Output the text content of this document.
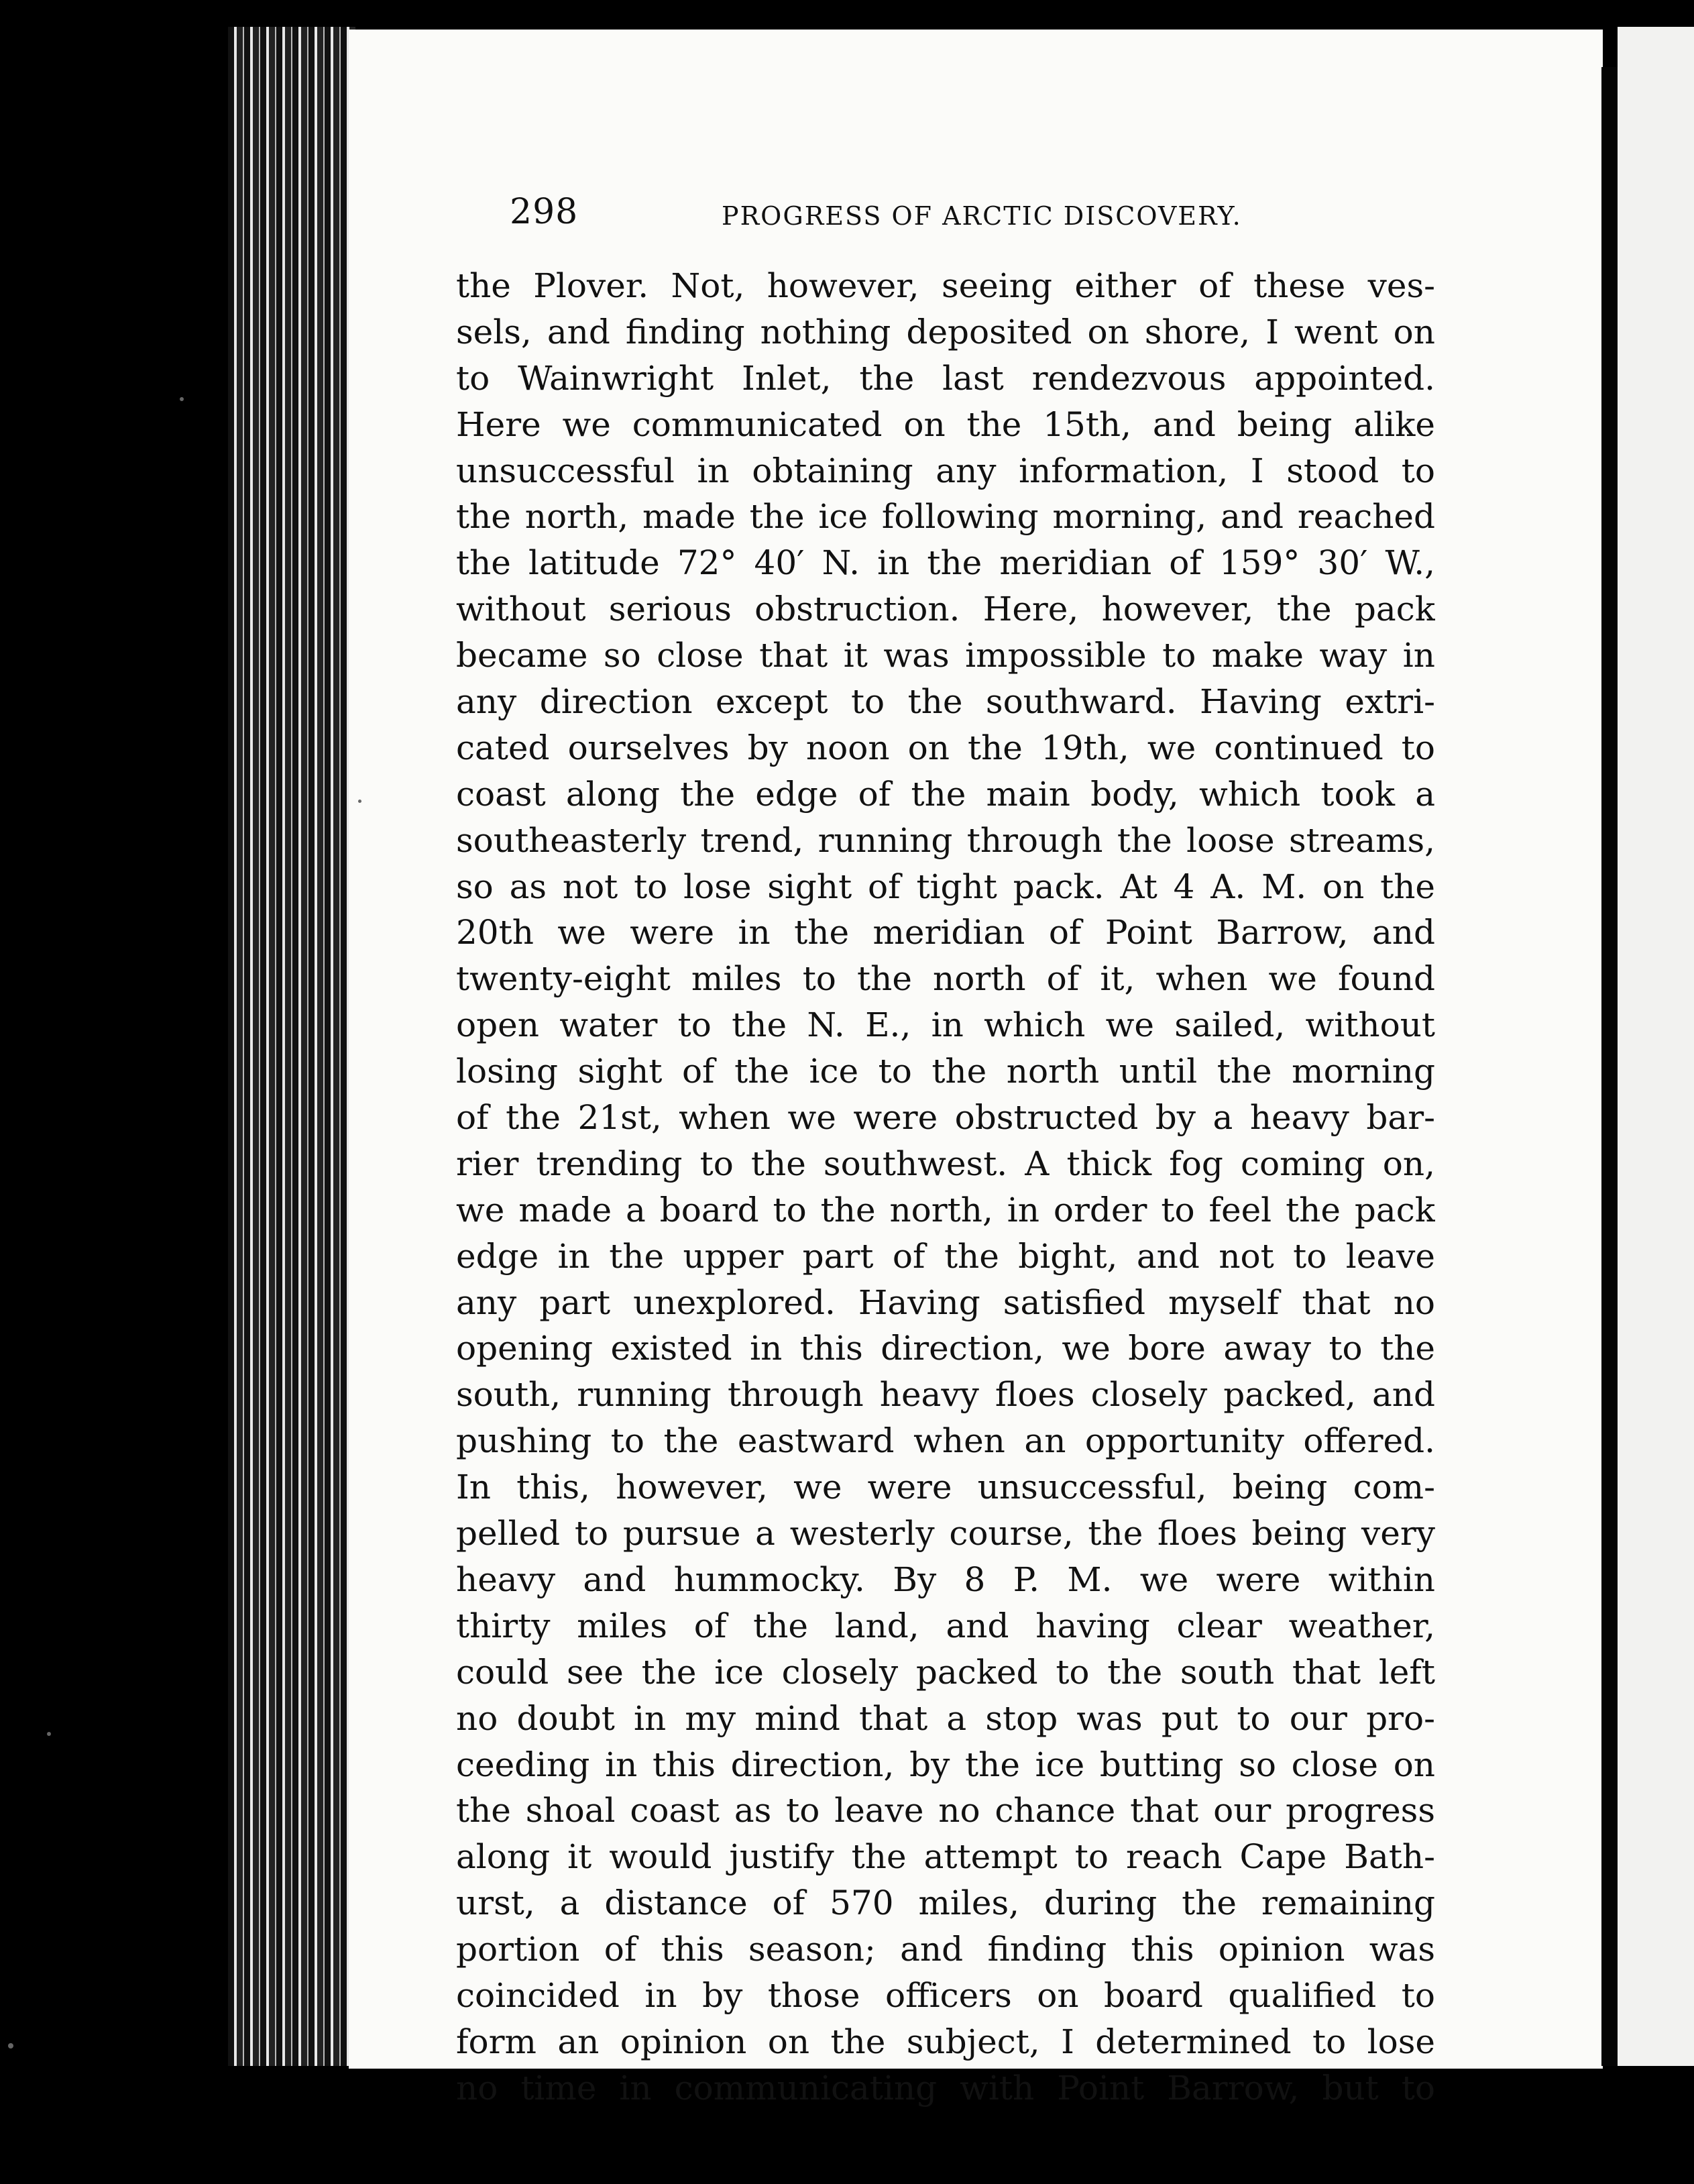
298	PROGRESS OF ARCTIC DISCOVERY.
the Plover. Not, however, seeing either of these ves-
sels, and finding nothing deposited on shore, I went on
to Wainwright Inlet, the last rendezvous appointed.
Here we communicated on the 15th, and being alike
unsuccessful in obtaining any information, I stood to
the north, made the ice following morning, and reached
the latitude 72° 40′ N. in the meridian of 159° 30′ W.,
without serious obstruction. Here, however, the pack
became so close that it was impossible to make way in
any direction except to the southward. Having extri-
cated ourselves by noon on the 19th, we continued to
coast along the edge of the main body, which took a
southeasterly trend, running through the loose streams,
so as not to lose sight of tight pack. At 4 A. M. on the
20th we were in the meridian of Point Barrow, and
twenty-eight miles to the north of it, when we found
open water to the N. E., in which we sailed, without
losing sight of the ice to the north until the morning
of the 21st, when we were obstructed by a heavy bar-
rier trending to the southwest. A thick fog coming on,
we made a board to the north, in order to feel the pack
edge in the upper part of the bight, and not to leave
any part unexplored. Having satisfied myself that no
opening existed in this direction, we bore away to the
south, running through heavy floes closely packed, and
pushing to the eastward when an opportunity offered.
In this, however, we were unsuccessful, being com-
pelled to pursue a westerly course, the floes being very
heavy and hummocky. By 8 P. M. we were within
thirty miles of the land, and having clear weather,
could see the ice closely packed to the south that left
no doubt in my mind that a stop was put to our pro-
ceeding in this direction, by the ice butting so close on
the shoal coast as to leave no chance that our progress
along it would justify the attempt to reach Cape Bath-
urst, a distance of 570 miles, during the remaining
portion of this season; and finding this opinion was
coincided in by those officers on board qualified to
form an opinion on the subject, I determined to lose
no time in communicating with Point Barrow, but to
